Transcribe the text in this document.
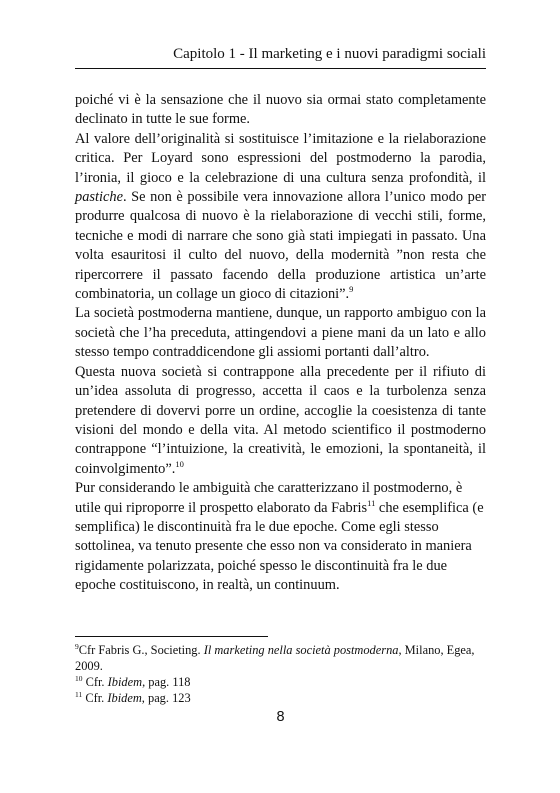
Capitolo 1 - Il marketing e i nuovi paradigmi sociali

poiché vi è la sensazione che il nuovo sia ormai stato completamente declinato in tutte le sue forme.

Al valore dell’originalità si sostituisce l’imitazione e la rielaborazione critica. Per Loyard sono espressioni del postmoderno la parodia, l’ironia, il gioco e la celebrazione di una cultura senza profondità, il pastiche. Se non è possibile vera innovazione allora l’unico modo per produrre qualcosa di nuovo è la rielaborazione di vecchi stili, forme, tecniche e modi di narrare che sono già stati impiegati in passato. Una volta esauritosi il culto del nuovo, della modernità ”non resta che ripercorrere il passato facendo della produzione artistica un’arte combinatoria, un collage un gioco di citazioni”.$^9$

La società postmoderna mantiene, dunque, un rapporto ambiguo con la società che l’ha preceduta, attingendovi a piene mani da un lato e allo stesso tempo contraddicendone gli assiomi portanti dall’altro.

Questa nuova società si contrappone alla precedente per il rifiuto di un’idea assoluta di progresso, accetta il caos e la turbolenza senza pretendere di dovervi porre un ordine, accoglie la coesistenza di tante visioni del mondo e della vita. Al metodo scientifico il postmoderno contrappone “l’intuizione, la creatività, le emozioni, la spontaneità, il coinvolgimento”.$^{10}$

Pur considerando le ambiguità che caratterizzano il postmoderno, è utile qui riproporre il prospetto elaborato da Fabris$^{11}$ che esemplifica (e semplifica) le discontinuità fra le due epoche. Come egli stesso sottolinea, va tenuto presente che esso non va considerato in maniera rigidamente polarizzata, poiché spesso le discontinuità fra le due epoche costituiscono, in realtà, un continuum.

$^9$Cfr Fabris G., Societing. Il marketing nella società postmoderna, Milano, Egea, 2009.
$^{10}$ Cfr. Ibidem, pag. 118
$^{11}$ Cfr. Ibidem, pag. 123
8
